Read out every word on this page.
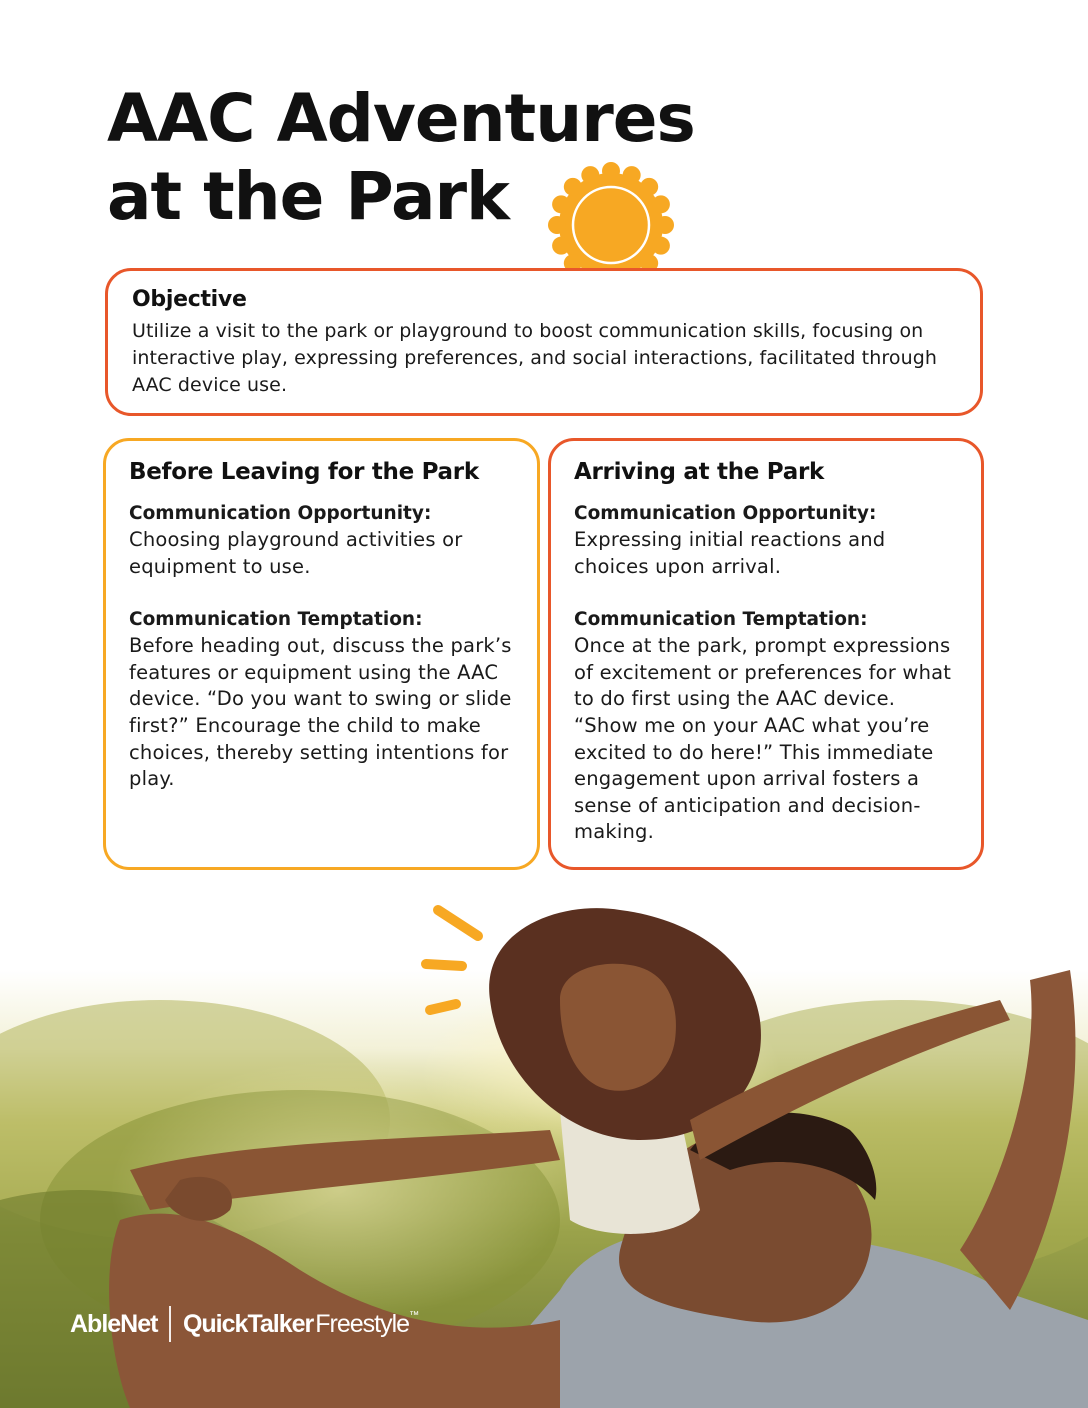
AAC Adventures
at the Park
Objective

Utilize a visit to the park or playground to boost communication skills, focusing on interactive play, expressing preferences, and social interactions, facilitated through AAC device use.

Before Leaving for the Park
Communication Opportunity:
Choosing playground activities or equipment to use.
Communication Temptation:
Before heading out, discuss the park’s features or equipment using the AAC device. “Do you want to swing or slide first?” Encourage the child to make choices, thereby setting intentions for play.
Arriving at the Park
Communication Opportunity:
Expressing initial reactions and choices upon arrival.
Communication Temptation:
Once at the park, prompt expressions of excitement or preferences for what to do first using the AAC device. “Show me on your AAC what you’re excited to do here!” This immediate engagement upon arrival fosters a sense of anticipation and decision-making.
AbleNet QuickTalker Freestyle ™
